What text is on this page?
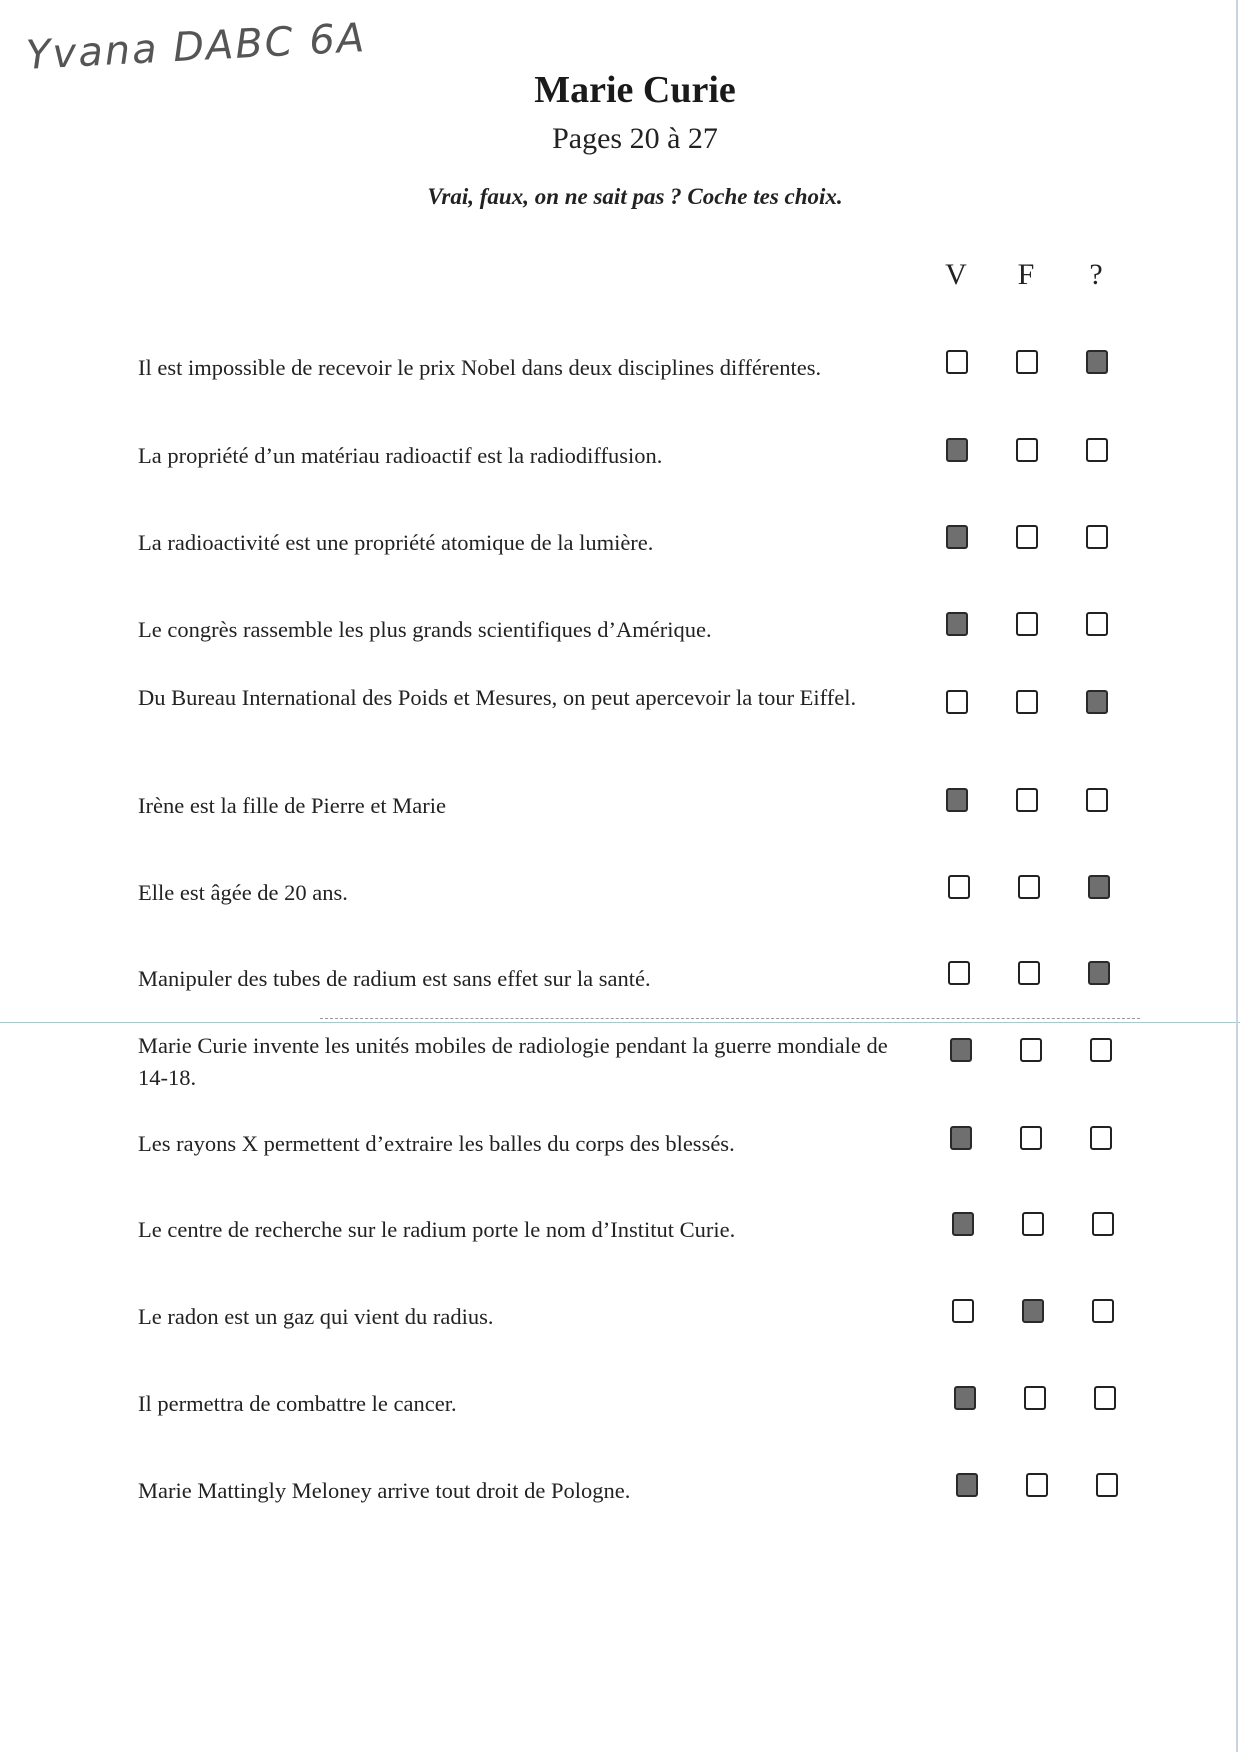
Yvana DABC 6A
Marie Curie
Pages 20 à 27
Vrai, faux, on ne sait pas ? Coche tes choix.
V	F	?
Il est impossible de recevoir le prix Nobel dans deux disciplines différentes.
La propriété d’un matériau radioactif est la radiodiffusion.
La radioactivité est une propriété atomique de la lumière.
Le congrès rassemble les plus grands scientifiques d’Amérique.
Du Bureau International des Poids et Mesures, on peut apercevoir la tour Eiffel.
Irène est la fille de Pierre et Marie
Elle est âgée de 20 ans.
Manipuler des tubes de radium est sans effet sur la santé.
Marie Curie invente les unités mobiles de radiologie pendant la guerre mondiale de 14-18.
Les rayons X permettent d’extraire les balles du corps des blessés.
Le centre de recherche sur le radium porte le nom d’Institut Curie.
Le radon est un gaz qui vient du radius.
Il permettra de combattre le cancer.
Marie Mattingly Meloney arrive tout droit de Pologne.
